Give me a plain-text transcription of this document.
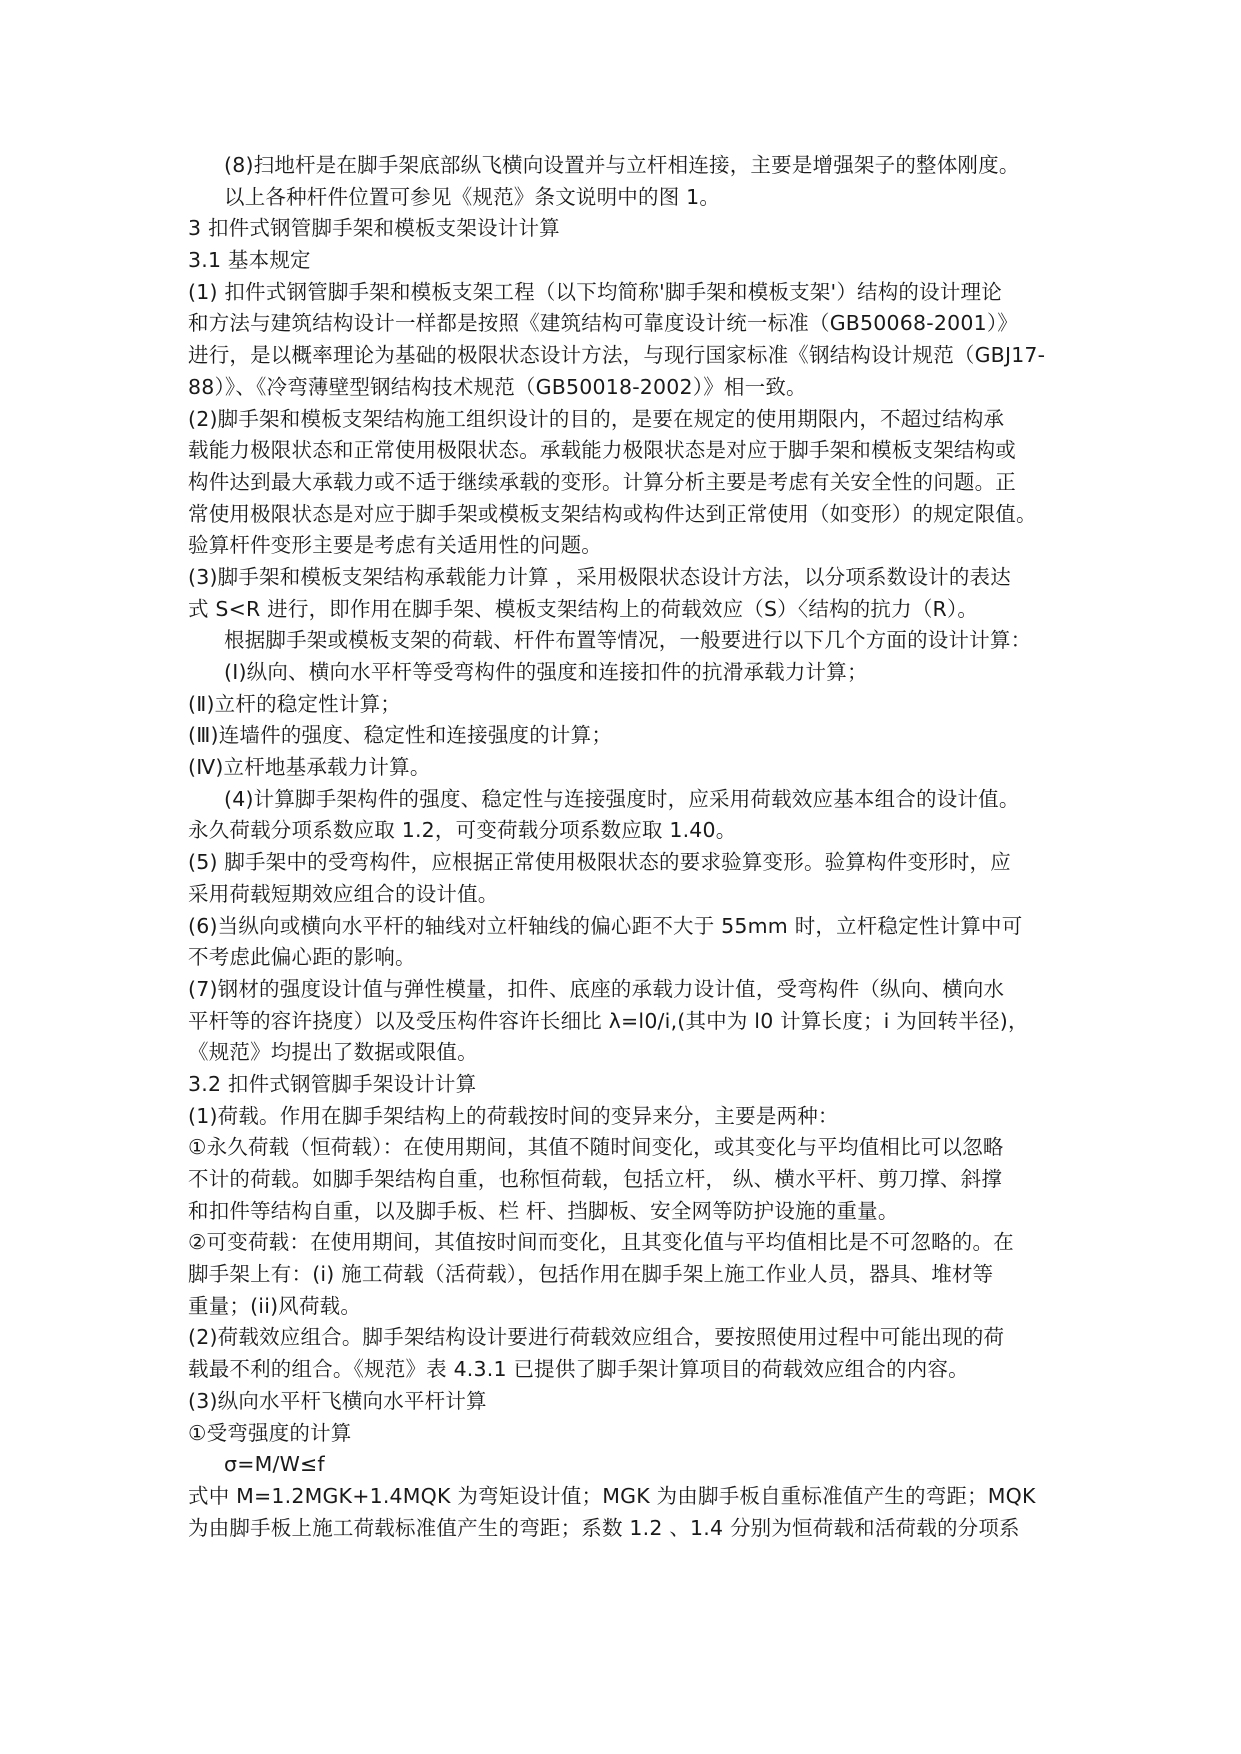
(8)扫地杆是在脚手架底部纵飞横向设置并与立杆相连接，主要是增强架子的整体刚度。
以上各种杆件位置可参见《规范》条文说明中的图 1。
3 扣件式钢管脚手架和模板支架设计计算
3.1 基本规定
(1) 扣件式钢管脚手架和模板支架工程（以下均简称'脚手架和模板支架'）结构的设计理论
和方法与建筑结构设计一样都是按照《建筑结构可靠度设计统一标准（GB50068-2001）》
进行，是以概率理论为基础的极限状态设计方法，与现行国家标准《钢结构设计规范（GBJ17-
88）》、《冷弯薄壁型钢结构技术规范（GB50018-2002）》相一致。
(2)脚手架和模板支架结构施工组织设计的目的，是要在规定的使用期限内，不超过结构承
载能力极限状态和正常使用极限状态。承载能力极限状态是对应于脚手架和模板支架结构或
构件达到最大承载力或不适于继续承载的变形。计算分析主要是考虑有关安全性的问题。正
常使用极限状态是对应于脚手架或模板支架结构或构件达到正常使用（如变形）的规定限值。
验算杆件变形主要是考虑有关适用性的问题。
(3)脚手架和模板支架结构承载能力计算 ，采用极限状态设计方法，以分项系数设计的表达
式 S<R 进行，即作用在脚手架、模板支架结构上的荷载效应（S）〈结构的抗力（R）。
根据脚手架或模板支架的荷载、杆件布置等情况，一般要进行以下几个方面的设计计算：
(Ⅰ)纵向、横向水平杆等受弯构件的强度和连接扣件的抗滑承载力计算；
(Ⅱ)立杆的稳定性计算；
(Ⅲ)连墙件的强度、稳定性和连接强度的计算；
(Ⅳ)立杆地基承载力计算。
(4)计算脚手架构件的强度、稳定性与连接强度时，应采用荷载效应基本组合的设计值。
永久荷载分项系数应取 1.2，可变荷载分项系数应取 1.40。
(5) 脚手架中的受弯构件，应根据正常使用极限状态的要求验算变形。验算构件变形时，应
采用荷载短期效应组合的设计值。
(6)当纵向或横向水平杆的轴线对立杆轴线的偏心距不大于 55mm 时，立杆稳定性计算中可
不考虑此偏心距的影响。
(7)钢材的强度设计值与弹性模量，扣件、底座的承载力设计值，受弯构件（纵向、横向水
平杆等的容许挠度）以及受压构件容许长细比 λ=l0/i,(其中为 l0 计算长度；i 为回转半径)，
《规范》均提出了数据或限值。
3.2 扣件式钢管脚手架设计计算
(1)荷载。作用在脚手架结构上的荷载按时间的变异来分，主要是两种：
①永久荷载（恒荷载）：在使用期间，其值不随时间变化，或其变化与平均值相比可以忽略
不计的荷载。如脚手架结构自重，也称恒荷载，包括立杆， 纵、横水平杆、剪刀撑、斜撑
和扣件等结构自重，以及脚手板、栏 杆、挡脚板、安全网等防护设施的重量。
②可变荷载：在使用期间，其值按时间而变化，且其变化值与平均值相比是不可忽略的。在
脚手架上有：(i) 施工荷载（活荷载），包括作用在脚手架上施工作业人员，器具、堆材等
重量；(ii)风荷载。
(2)荷载效应组合。脚手架结构设计要进行荷载效应组合，要按照使用过程中可能出现的荷
载最不利的组合。《规范》表 4.3.1 已提供了脚手架计算项目的荷载效应组合的内容。
(3)纵向水平杆飞横向水平杆计算
①受弯强度的计算
σ=M/W≤f
式中 M=1.2MGK+1.4MQK 为弯矩设计值；MGK 为由脚手板自重标准值产生的弯距；MQK
为由脚手板上施工荷载标准值产生的弯距；系数 1.2 、1.4 分别为恒荷载和活荷载的分项系
